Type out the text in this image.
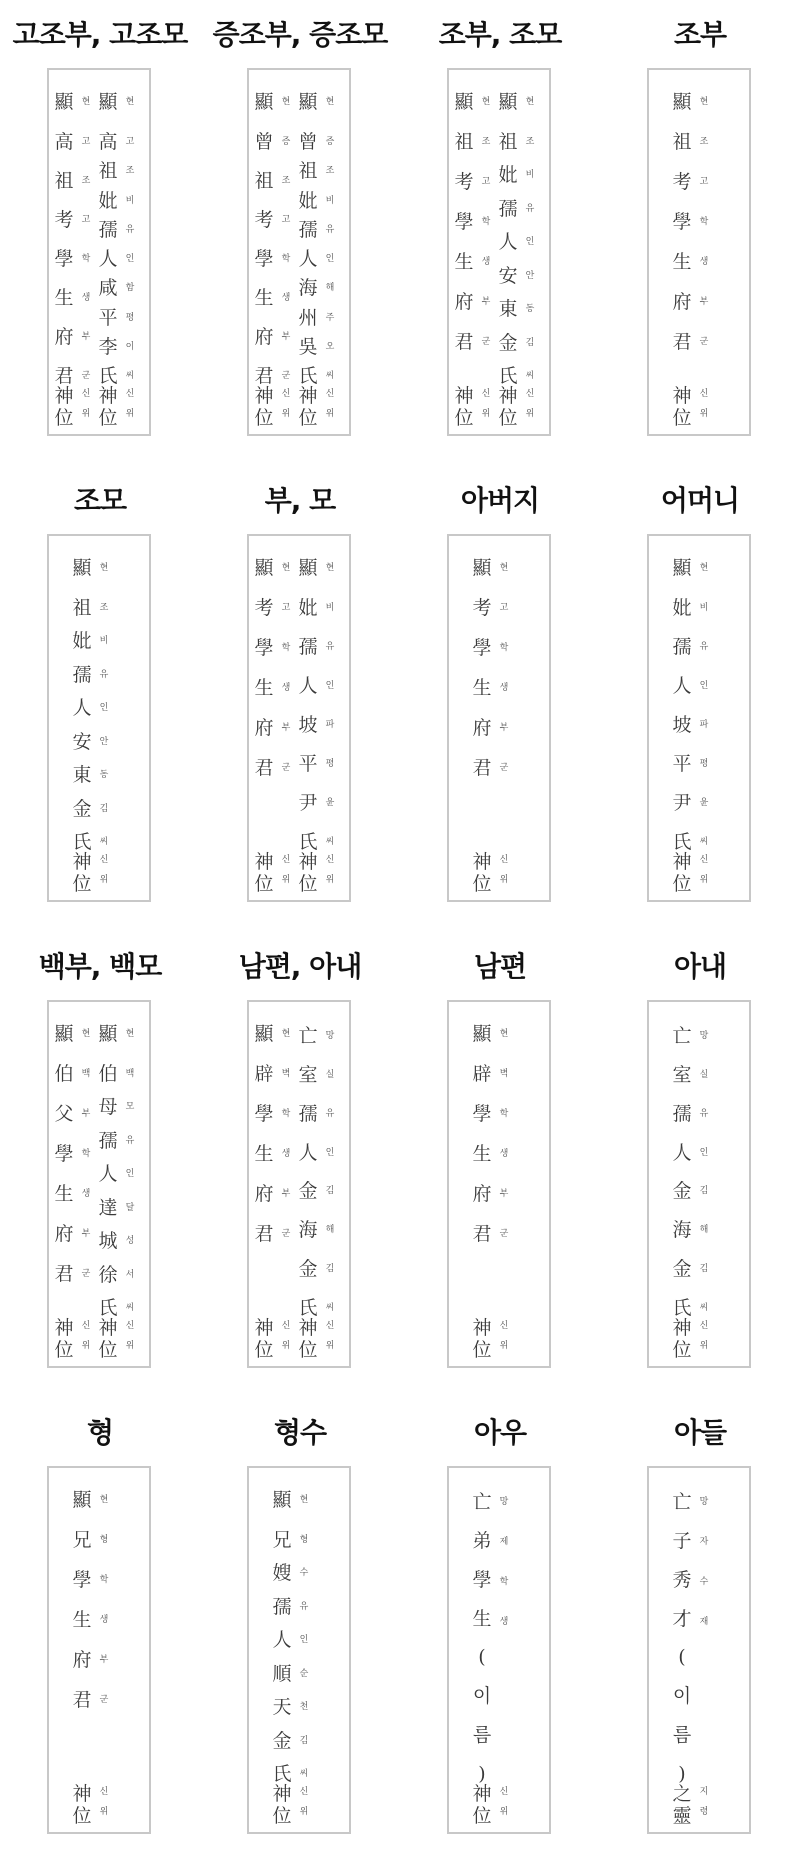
고조부, 고조모
顯
高
祖
考
學
生
府
君
神
位
현
고
조
고
학
생
부
군
신
위
顯
高
祖
妣
孺
人
咸
平
李
氏
神
位
현
고
조
비
유
인
함
평
이
씨
신
위
증조부, 증조모
顯
曾
祖
考
學
生
府
君
神
位
현
증
조
고
학
생
부
군
신
위
顯
曾
祖
妣
孺
人
海
州
吳
氏
神
位
현
증
조
비
유
인
해
주
오
씨
신
위
조부, 조모
顯
祖
考
學
生
府
君
神
位
현
조
고
학
생
부
군
신
위
顯
祖
妣
孺
人
安
東
金
氏
神
位
현
조
비
유
인
안
동
김
씨
신
위
조부
顯
祖
考
學
生
府
君
神
位
현
조
고
학
생
부
군
신
위
조모
顯
祖
妣
孺
人
安
東
金
氏
神
位
현
조
비
유
인
안
동
김
씨
신
위
부, 모
顯
考
學
生
府
君
神
位
현
고
학
생
부
군
신
위
顯
妣
孺
人
坡
平
尹
氏
神
位
현
비
유
인
파
평
윤
씨
신
위
아버지
顯
考
學
生
府
君
神
位
현
고
학
생
부
군
신
위
어머니
顯
妣
孺
人
坡
平
尹
氏
神
位
현
비
유
인
파
평
윤
씨
신
위
백부, 백모
顯
伯
父
學
生
府
君
神
位
현
백
부
학
생
부
군
신
위
顯
伯
母
孺
人
達
城
徐
氏
神
位
현
백
모
유
인
달
성
서
씨
신
위
남편, 아내
顯
辟
學
生
府
君
神
位
현
벽
학
생
부
군
신
위
亡
室
孺
人
金
海
金
氏
神
位
망
실
유
인
김
해
김
씨
신
위
남편
顯
辟
學
生
府
君
神
位
현
벽
학
생
부
군
신
위
아내
亡
室
孺
人
金
海
金
氏
神
位
망
실
유
인
김
해
김
씨
신
위
형
顯
兄
學
生
府
君
神
位
현
형
학
생
부
군
신
위
형수
顯
兄
嫂
孺
人
順
天
金
氏
神
位
현
형
수
유
인
순
천
김
씨
신
위
아우
亡
弟
學
生
(
이
름
)
神
位
망
제
학
생
신
위
아들
亡
子
秀
才
(
이
름
)
之
靈
망
자
수
재
지
령
